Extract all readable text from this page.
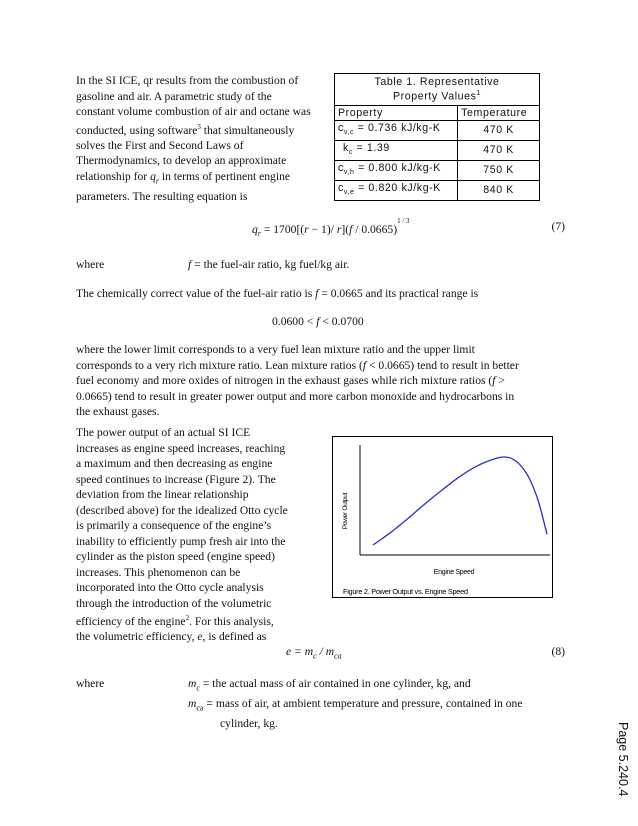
In the SI ICE, qr results from the combustion of
gasoline and air. A parametric study of the
constant volume combustion of air and octane was
conducted, using software$^3$ that simultaneously
solves the First and Second Laws of
Thermodynamics, to develop an approximate
relationship for $q_r$ in terms of pertinent engine
parameters. The resulting equation is
Table 1. Representative
Property Values$^1$

Property	Temperature
$c_{v,c} = 0.736$ kJ/kg-K	470 K
$k_c = 1.39$	470 K
$c_{v,h} = 0.800$ kJ/kg-K	750 K
$c_{v,e} = 0.820$ kJ/kg-K	840 K
$q_r = 1700[(r - 1)/$ r](f / 0.0665)$^{1 / 3}$	(7)
where	f = the fuel-air ratio, kg fuel/kg air.
The chemically correct value of the fuel-air ratio is f = 0.0665 and its practical range is
0.0600 < f < 0.0700
where the lower limit corresponds to a very fuel lean mixture ratio and the upper limit
corresponds to a very rich mixture ratio. Lean mixture ratios (f < 0.0665) tend to result in better
fuel economy and more oxides of nitrogen in the exhaust gases while rich mixture ratios (f >
0.0665) tend to result in greater power output and more carbon monoxide and hydrocarbons in
the exhaust gases.
The power output of an actual SI ICE
increases as engine speed increases, reaching
a maximum and then decreasing as engine
speed continues to increase (Figure 2). The
deviation from the linear relationship
(described above) for the idealized Otto cycle
is primarily a consequence of the engine’s
inability to efficiently pump fresh air into the
cylinder as the piston speed (engine speed)
increases. This phenomenon can be
incorporated into the Otto cycle analysis
through the introduction of the volumetric
efficiency of the engine$^2$. For this analysis,
the volumetric efficiency, e, is defined as
Power Output
Engine Speed
Figure 2. Power Output vs. Engine Speed
$e = m_c / m_{ca}$	(8)
where	$m_c$ = the actual mass of air contained in one cylinder, kg, and
$m_{ca}$ = mass of air, at ambient temperature and pressure, contained in one
cylinder, kg.	Page 5.240.4
